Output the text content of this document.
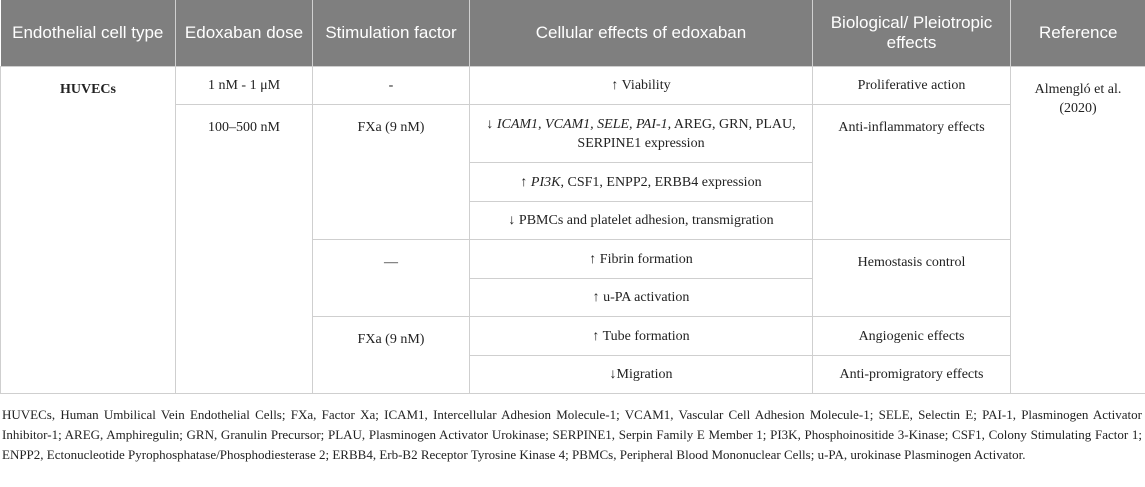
Endothelial cell type	Edoxaban dose	Stimulation factor	Cellular effects of edoxaban	Biological/ Pleiotropic effects	Reference
HUVECs	1 nM - 1 μM	-	↑ Viability	Proliferative action	Almengló et al. (2020)
	100–500 nM	FXa (9 nM)	↓ ICAM1, VCAM1, SELE, PAI-1, AREG, GRN, PLAU, SERPINE1 expression	Anti-inflammatory effects	
			↑ PI3K, CSF1, ENPP2, ERBB4 expression		
			↓ PBMCs and platelet adhesion, transmigration		
		—	↑ Fibrin formation	Hemostasis control	
			↑ u-PA activation		
		FXa (9 nM)	↑ Tube formation	Angiogenic effects	
			↓Migration	Anti-promigratory effects	

HUVECs, Human Umbilical Vein Endothelial Cells; FXa, Factor Xa; ICAM1, Intercellular Adhesion Molecule-1; VCAM1, Vascular Cell Adhesion Molecule-1; SELE, Selectin E; PAI-1, Plasminogen Activator Inhibitor-1; AREG, Amphiregulin; GRN, Granulin Precursor; PLAU, Plasminogen Activator Urokinase; SERPINE1, Serpin Family E Member 1; PI3K, Phosphoinositide 3-Kinase; CSF1, Colony Stimulating Factor 1; ENPP2, Ectonucleotide Pyrophosphatase/Phosphodiesterase 2; ERBB4, Erb-B2 Receptor Tyrosine Kinase 4; PBMCs, Peripheral Blood Mononuclear Cells; u-PA, urokinase Plasminogen Activator.
